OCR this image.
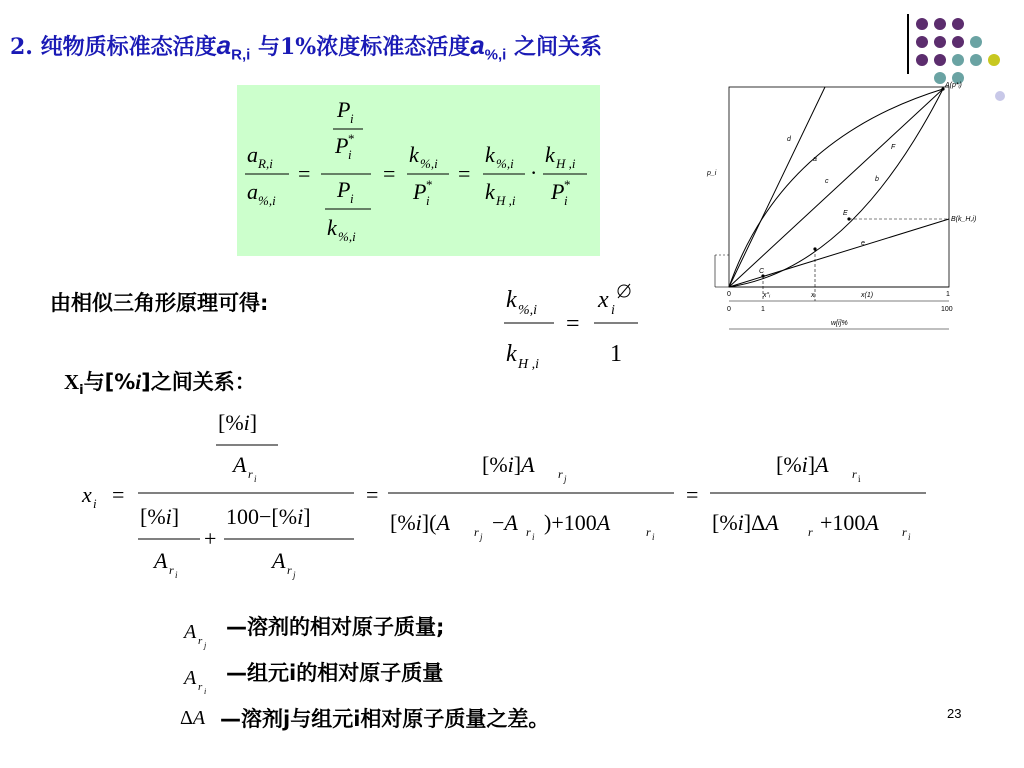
2. 纯物质标准态活度$a_{R,i}$ 与1%浓度标准态活度$a_{\%,i}$ 之间关系
a R,i
a %,i
=
P i
P i
*
P i
k %,i
=
k %,i
P i
* =
k %,i
k H ,i
·
k H ,i
P i
*
由相似三角形原理可得:	k %,i
k H ,i
=
x i
1
$X_i$与[%i]之间关系：
x i =
[%i]
A r i
[%i]
A r i
+
100−[%i]
A r j
=
[%i]A r j
[%i](A r j
−A r i
)+100A	r i
=
[%i]A r i
[%i]ΔA r +100A r i
A r j
A r i
ΔA
—溶剂的相对原子质量;
—组元i的相对原子质量
—溶剂j与组元i相对原子质量之差。
A(p*ᵢ)
B(k_H,i)
d
a
c
F
b
E
e
C
p_i
0	1
x(1)
x°ᵢ	xᵢ
0	1	100
w[i]%
23
